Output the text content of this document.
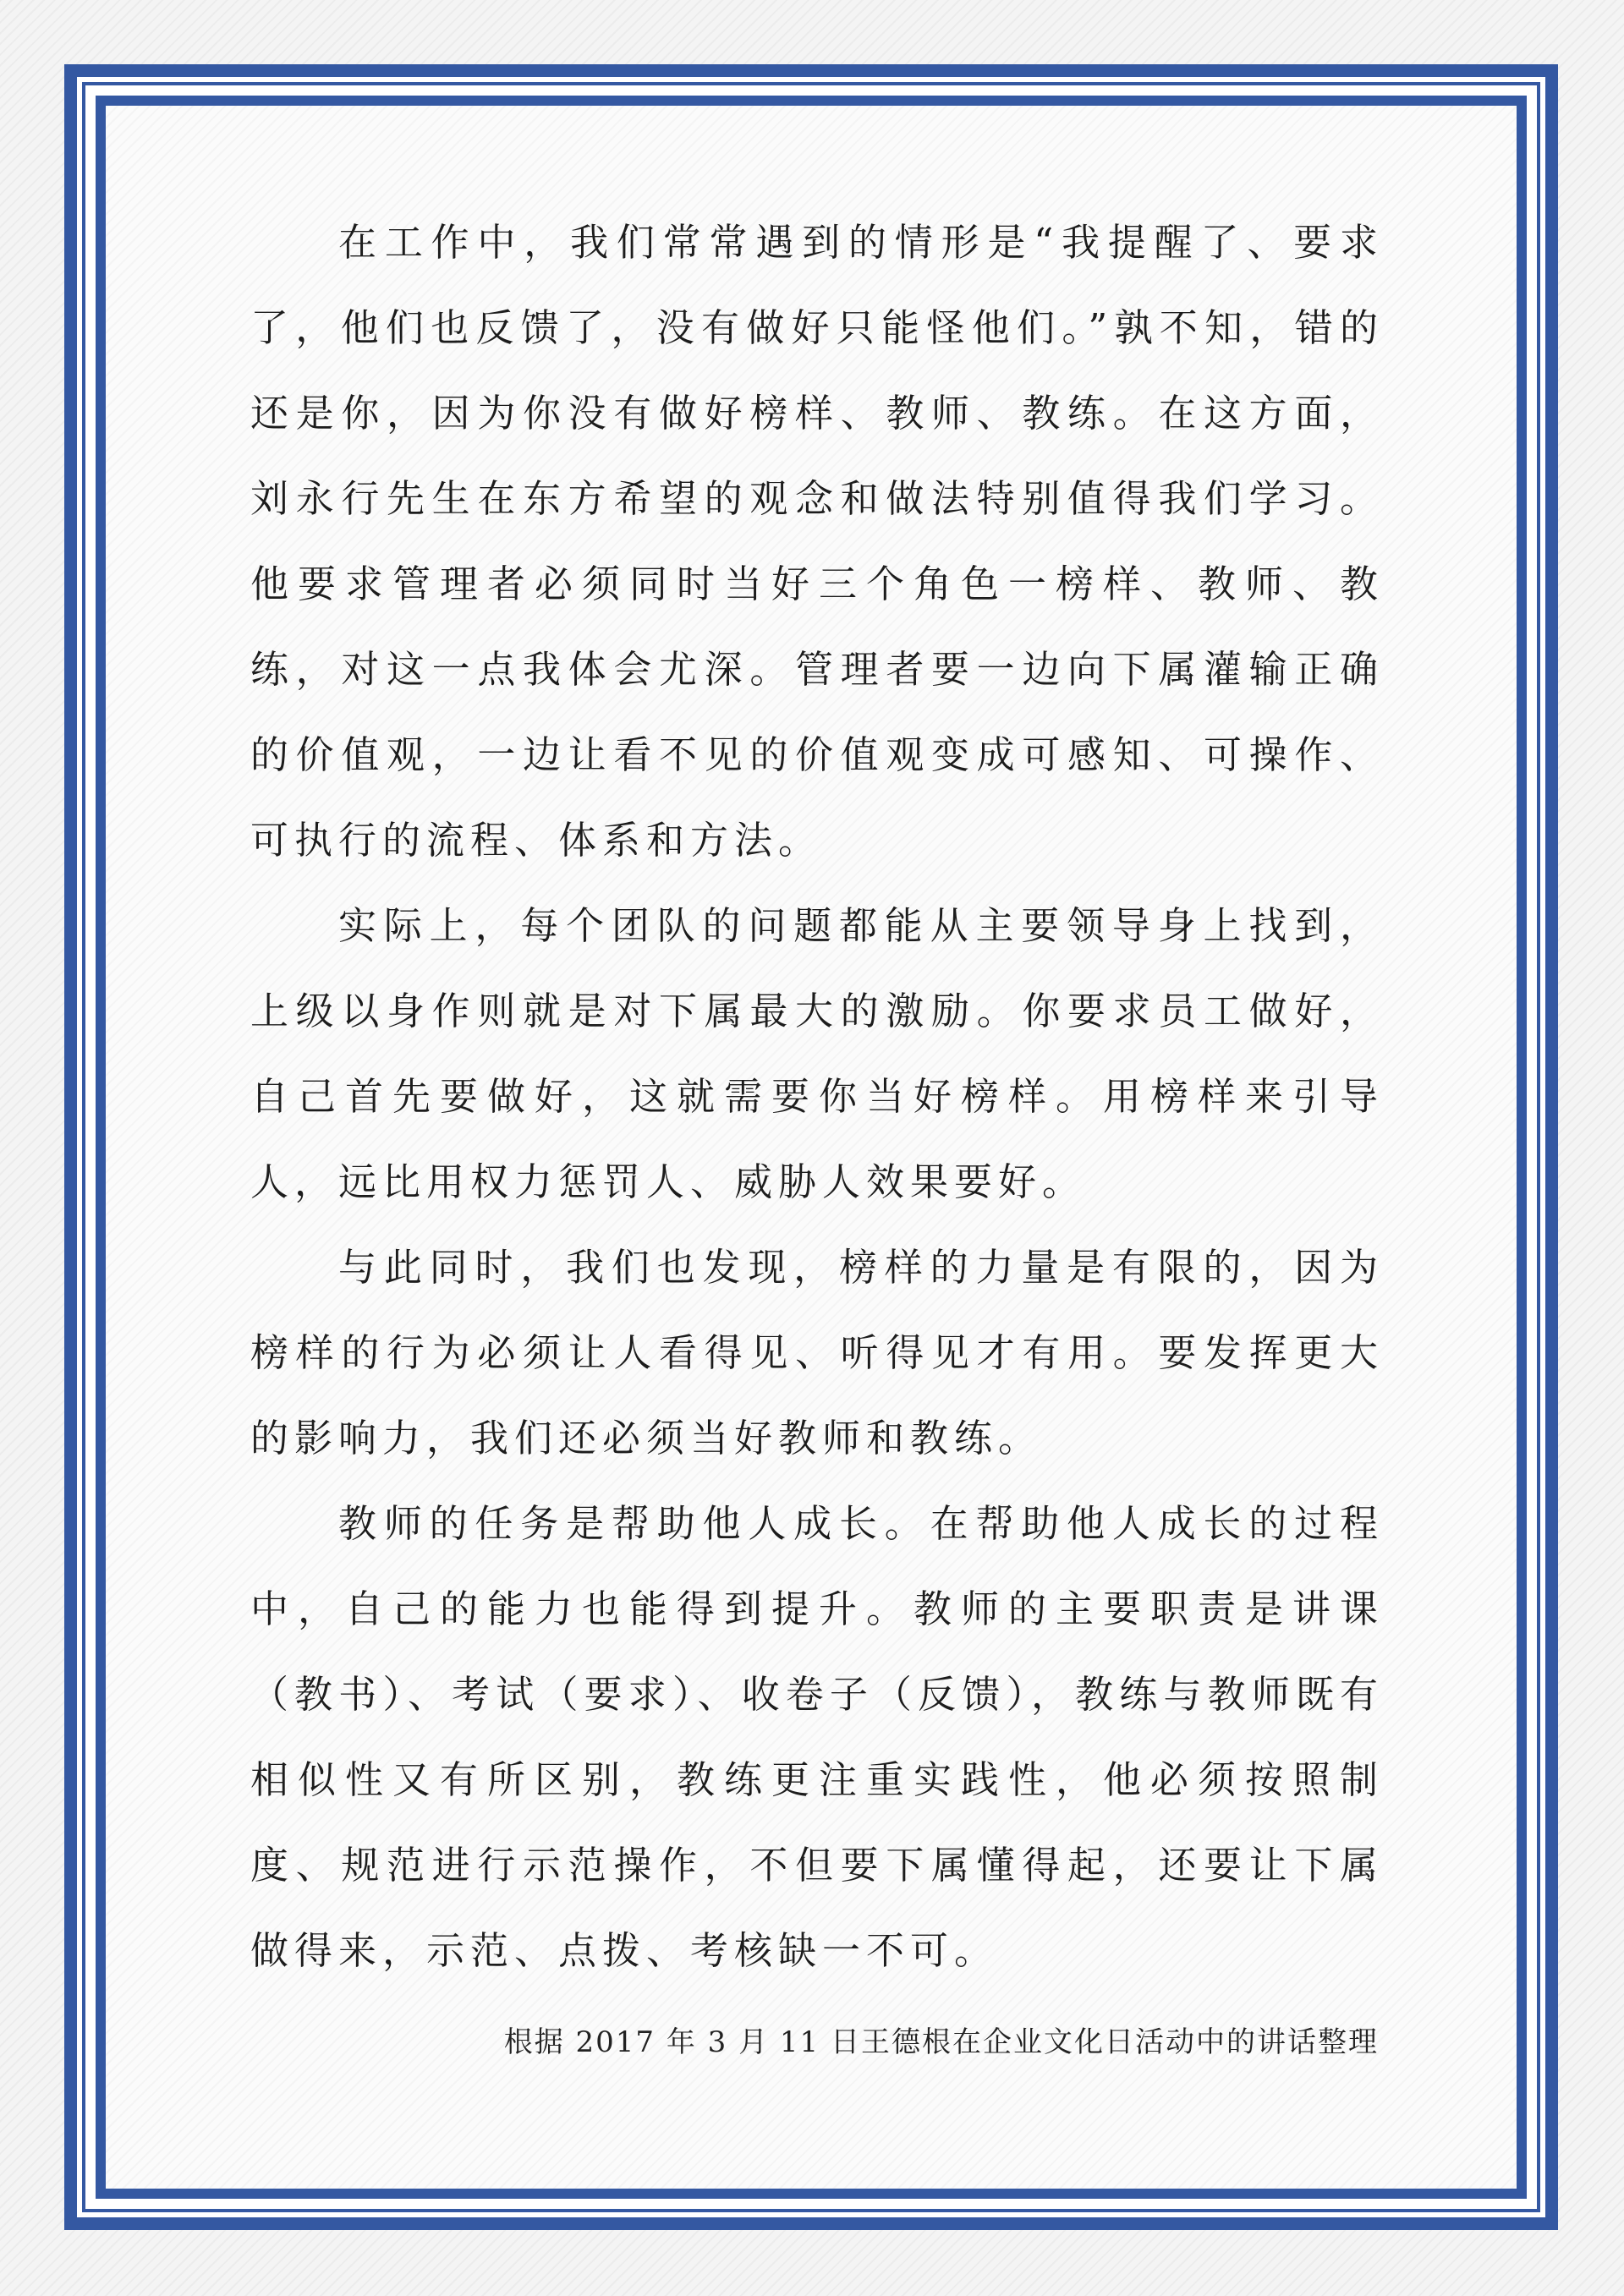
在工作中，我们常常遇到的情形是“我提醒了、要求了，他们也反馈了，没有做好只能怪他们。”孰不知，错的还是你，因为你没有做好榜样、教师、教练。在这方面，刘永行先生在东方希望的观念和做法特别值得我们学习。他要求管理者必须同时当好三个角色一榜样、教师、教练，对这一点我体会尤深。管理者要一边向下属灌输正确的价值观，一边让看不见的价值观变成可感知、可操作、可执行的流程、体系和方法。

实际上，每个团队的问题都能从主要领导身上找到，上级以身作则就是对下属最大的激励。你要求员工做好，自己首先要做好，这就需要你当好榜样。用榜样来引导人，远比用权力惩罚人、威胁人效果要好。

与此同时，我们也发现，榜样的力量是有限的，因为榜样的行为必须让人看得见、听得见才有用。要发挥更大的影响力，我们还必须当好教师和教练。

教师的任务是帮助他人成长。在帮助他人成长的过程中，自己的能力也能得到提升。教师的主要职责是讲课（教书）、考试（要求）、收卷子（反馈），教练与教师既有相似性又有所区别，教练更注重实践性，他必须按照制度、规范进行示范操作，不但要下属懂得起，还要让下属做得来，示范、点拨、考核缺一不可。

根据 2017 年 3 月 11 日王德根在企业文化日活动中的讲话整理
